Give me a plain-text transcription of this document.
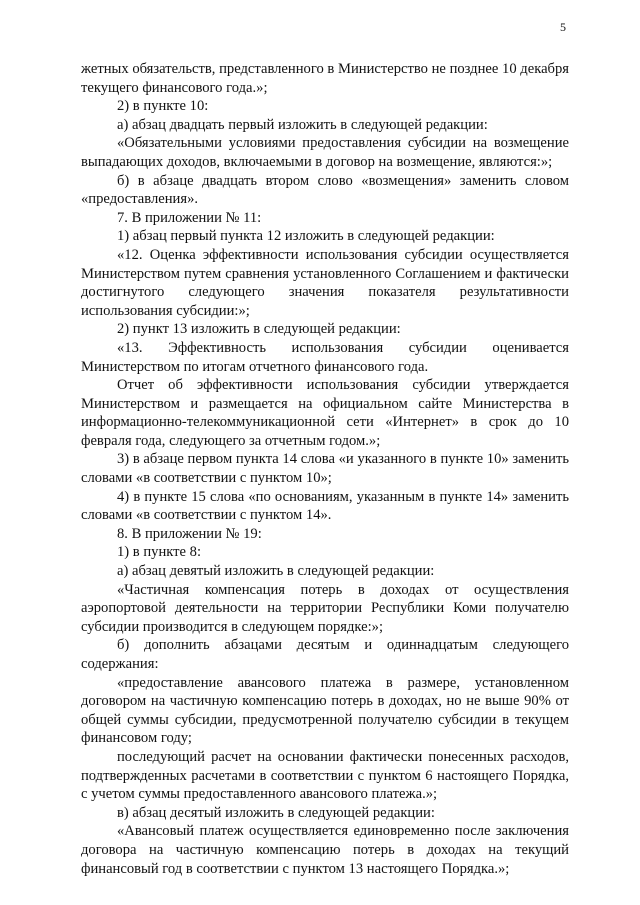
5

жетных обязательств, представленного в Министерство не позднее 10 декабря текущего финансового года.»;

2) в пункте 10:

а) абзац двадцать первый изложить в следующей редакции:

«Обязательными условиями предоставления субсидии на возмещение выпадающих доходов, включаемыми в договор на возмещение, являются:»;

б) в абзаце двадцать втором слово «возмещения» заменить словом «предоставления».

7. В приложении № 11:

1) абзац первый пункта 12 изложить в следующей редакции:

«12. Оценка эффективности использования субсидии осуществляется Министерством путем сравнения установленного Соглашением и фактически достигнутого следующего значения показателя результативности использования субсидии:»;

2) пункт 13 изложить в следующей редакции:

«13. Эффективность использования субсидии оценивается Министерством по итогам отчетного финансового года.

Отчет об эффективности использования субсидии утверждается Министерством и размещается на официальном сайте Министерства в информационно-телекоммуникационной сети «Интернет» в срок до 10 февраля года, следующего за отчетным годом.»;

3) в абзаце первом пункта 14 слова «и указанного в пункте 10» заменить словами «в соответствии с пунктом 10»;

4) в пункте 15 слова «по основаниям, указанным в пункте 14» заменить словами «в соответствии с пунктом 14».

8. В приложении № 19:

1) в пункте 8:

а) абзац девятый изложить в следующей редакции:

«Частичная компенсация потерь в доходах от осуществления аэропортовой деятельности на территории Республики Коми получателю субсидии производится в следующем порядке:»;

б) дополнить абзацами десятым и одиннадцатым следующего содержания:

«предоставление авансового платежа в размере, установленном договором на частичную компенсацию потерь в доходах, но не выше 90% от общей суммы субсидии, предусмотренной получателю субсидии в текущем финансовом году;

последующий расчет на основании фактически понесенных расходов, подтвержденных расчетами в соответствии с пунктом 6 настоящего Порядка, с учетом суммы предоставленного авансового платежа.»;

в) абзац десятый изложить в следующей редакции:

«Авансовый платеж осуществляется единовременно после заключения договора на частичную компенсацию потерь в доходах на текущий финансовый год в соответствии с пунктом 13 настоящего Порядка.»;
